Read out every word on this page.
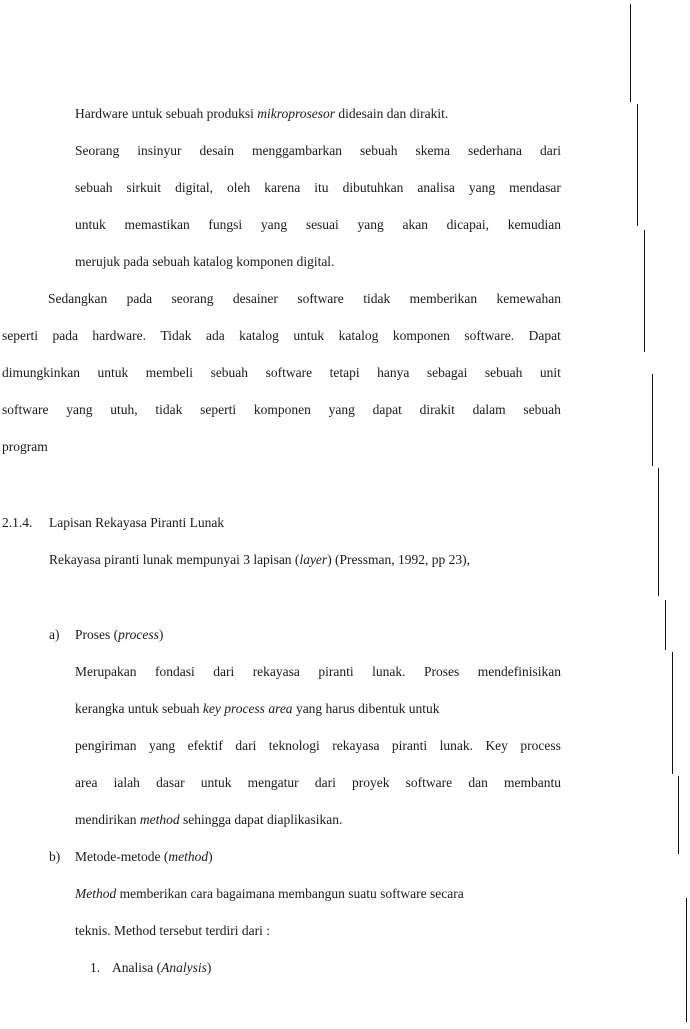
Hardware untuk sebuah produksi mikroprosesor didesain dan dirakit.
Seorang insinyur desain menggambarkan sebuah skema sederhana dari
sebuah sirkuit digital, oleh karena itu dibutuhkan analisa yang mendasar
untuk memastikan fungsi yang sesuai yang akan dicapai, kemudian
merujuk pada sebuah katalog komponen digital.
Sedangkan pada seorang desainer software tidak memberikan kemewahan
seperti pada hardware. Tidak ada katalog untuk katalog komponen software. Dapat
dimungkinkan untuk membeli sebuah software tetapi hanya sebagai sebuah unit
software yang utuh, tidak seperti komponen yang dapat dirakit dalam sebuah
program
2.1.4. Lapisan Rekayasa Piranti Lunak
Rekayasa piranti lunak mempunyai 3 lapisan (layer) (Pressman, 1992, pp 23),
a) Proses (process)
Merupakan fondasi dari rekayasa piranti lunak. Proses mendefinisikan
kerangka untuk sebuah key process area yang harus dibentuk untuk
pengiriman yang efektif dari teknologi rekayasa piranti lunak. Key process
area ialah dasar untuk mengatur dari proyek software dan membantu
mendirikan method sehingga dapat diaplikasikan.
b) Metode-metode (method)
Method memberikan cara bagaimana membangun suatu software secara
teknis. Method tersebut terdiri dari :
1. Analisa (Analysis)
